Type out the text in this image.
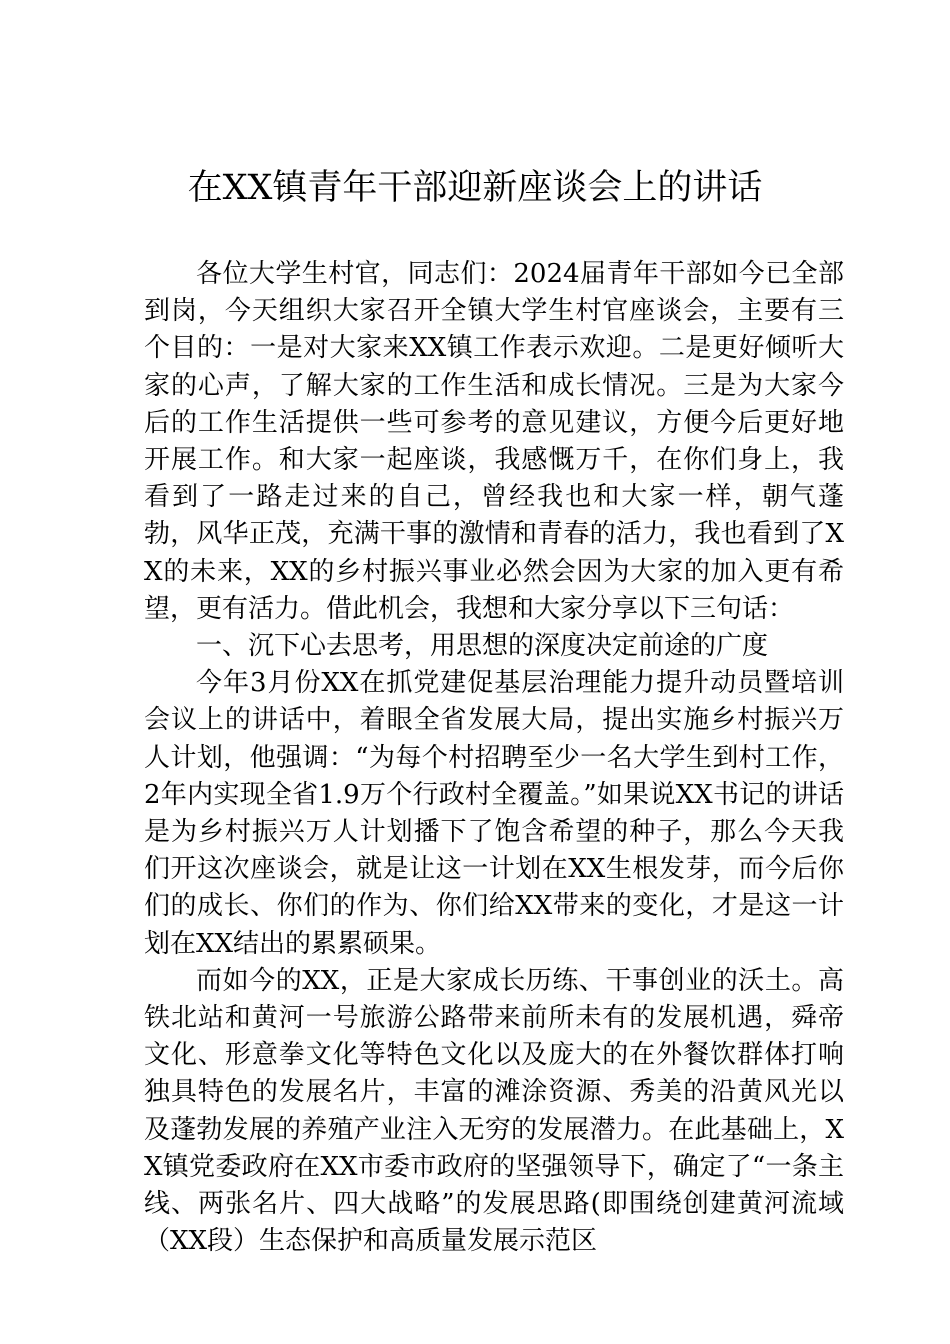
在XX镇青年干部迎新座谈会上的讲话

各位大学生村官，同志们：2024届青年干部如今已全部到岗，今天组织大家召开全镇大学生村官座谈会，主要有三个目的：一是对大家来XX镇工作表示欢迎。二是更好倾听大家的心声，了解大家的工作生活和成长情况。三是为大家今后的工作生活提供一些可参考的意见建议，方便今后更好地开展工作。和大家一起座谈，我感慨万千，在你们身上，我看到了一路走过来的自己，曾经我也和大家一样，朝气蓬勃，风华正茂，充满干事的激情和青春的活力，我也看到了XX的未来，XX的乡村振兴事业必然会因为大家的加入更有希望，更有活力。借此机会，我想和大家分享以下三句话：

一、沉下心去思考，用思想的深度决定前途的广度

今年3月份XX在抓党建促基层治理能力提升动员暨培训会议上的讲话中，着眼全省发展大局，提出实施乡村振兴万人计划，他强调：“为每个村招聘至少一名大学生到村工作，2年内实现全省1.9万个行政村全覆盖。”如果说XX书记的讲话是为乡村振兴万人计划播下了饱含希望的种子，那么今天我们开这次座谈会，就是让这一计划在XX生根发芽，而今后你们的成长、你们的作为、你们给XX带来的变化，才是这一计划在XX结出的累累硕果。

而如今的XX，正是大家成长历练、干事创业的沃土。高铁北站和黄河一号旅游公路带来前所未有的发展机遇，舜帝文化、形意拳文化等特色文化以及庞大的在外餐饮群体打响独具特色的发展名片，丰富的滩涂资源、秀美的沿黄风光以及蓬勃发展的养殖产业注入无穷的发展潜力。在此基础上，XX镇党委政府在XX市委市政府的坚强领导下，确定了“一条主线、两张名片、四大战略”的发展思路(即围绕创建黄河流域（XX段）生态保护和高质量发展示范区
